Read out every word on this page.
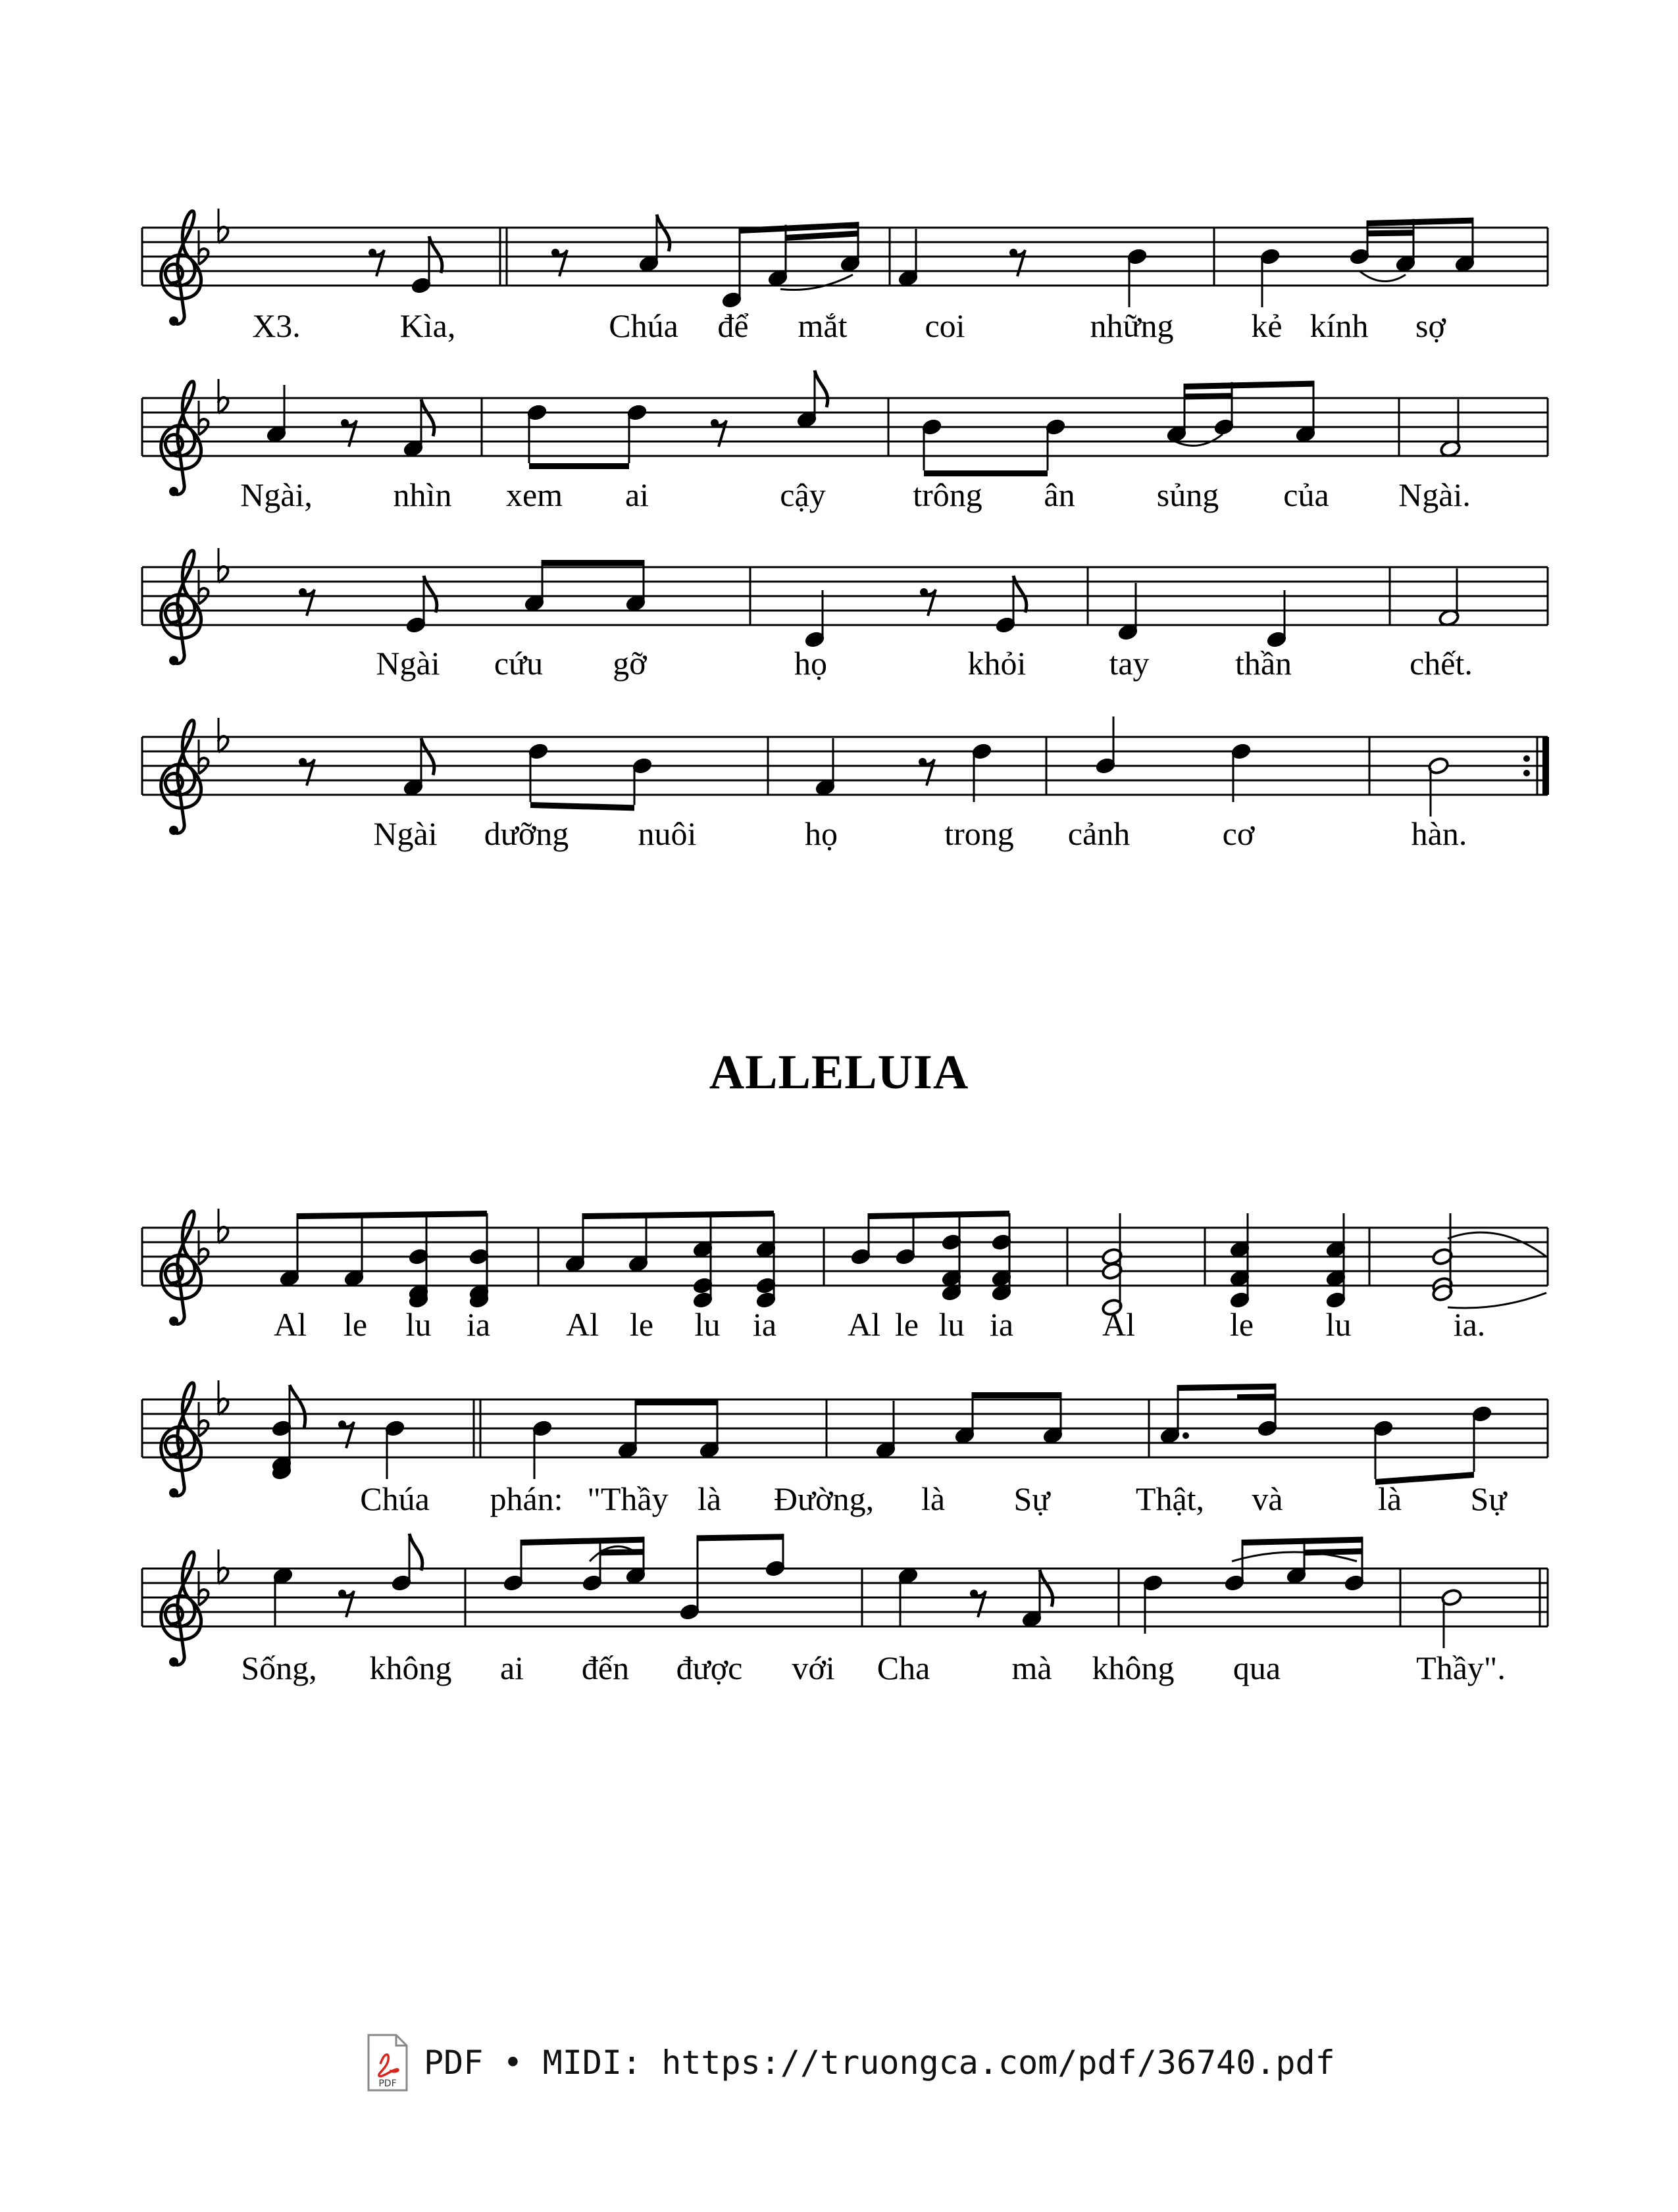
ALLELUIA
X3.	Kìa,	Chúa để mắt coi	những kẻ kính sợ
Ngài, nhìn xem ai	cậy	trông ân sủng của Ngài.
Ngài cứu gỡ	họ	khỏi	tay	thần	chết.
Ngài dưỡng nuôi	họ	trong cảnh	cơ	hàn.
Al le lu ia Al le lu ia Al le lu ia	Al	le lu	ia.
Chúa phán: "Thầy là Đường, là Sự	Thật, và	là Sự
Sống, không ai đến được với Cha mà không qua	Thầy".
PDF
PDF • MIDI: https://truongca.com/pdf/36740.pdf
